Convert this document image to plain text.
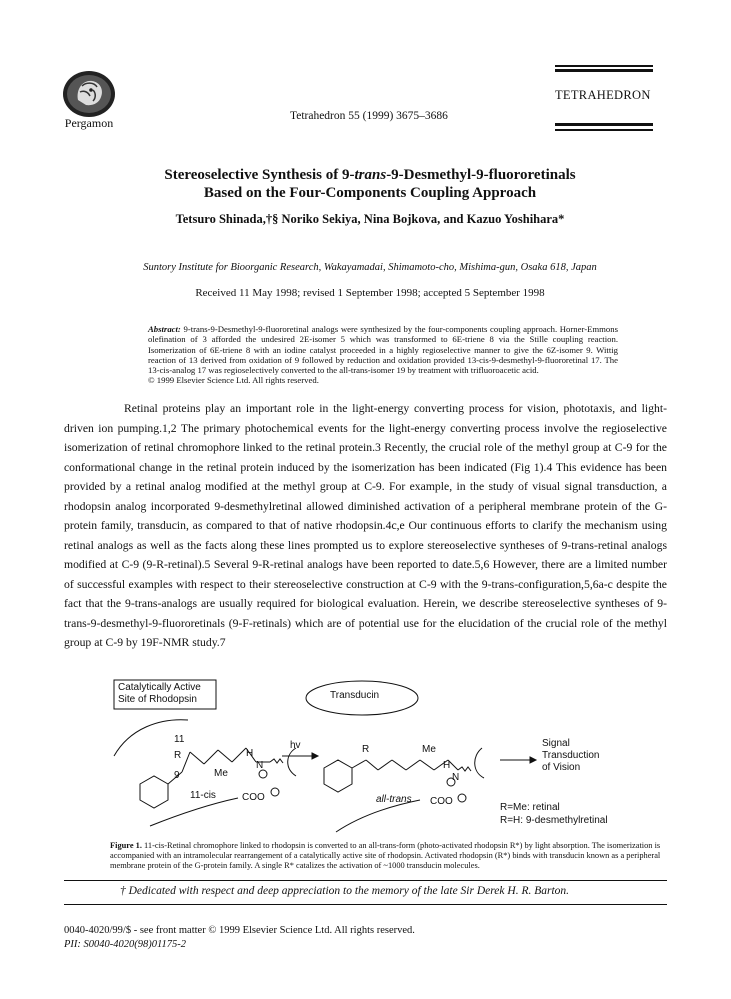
Pergamon	Tetrahedron 55 (1999) 3675–3686
TETRAHEDRON
Stereoselective Synthesis of 9-trans-9-Desmethyl-9-fluororetinals
Based on the Four-Components Coupling Approach
Tetsuro Shinada,†§ Noriko Sekiya, Nina Bojkova, and Kazuo Yoshihara*
Suntory Institute for Bioorganic Research, Wakayamadai, Shimamoto-cho, Mishima-gun, Osaka 618, Japan
Received 11 May 1998; revised 1 September 1998; accepted 5 September 1998
Abstract: 9-trans-9-Desmethyl-9-fluororetinal analogs were synthesized by the four-components coupling approach. Horner-Emmons olefination of 3 afforded the undesired 2E-isomer 5 which was transformed to 6E-triene 8 via the Stille coupling reaction. Isomerization of 6E-triene 8 with an iodine catalyst proceeded in a highly regioselective manner to give the 6Z-isomer 9. Wittig reaction of 13 derived from oxidation of 9 followed by reduction and oxidation provided 13-cis-9-desmethyl-9-fluororetinal 17. The 13-cis-analog 17 was regioselectively converted to the all-trans-isomer 19 by treatment with trifluoroacetic acid.
© 1999 Elsevier Science Ltd. All rights reserved.

Retinal proteins play an important role in the light-energy converting process for vision, phototaxis, and light-driven ion pumping.1,2 The primary photochemical events for the light-energy converting process involve the regioselective isomerization of retinal chromophore linked to the retinal protein.3 Recently, the crucial role of the methyl group at C-9 for the conformational change in the retinal protein induced by the isomerization has been indicated (Fig 1).4 This evidence has been provided by a retinal analog modified at the methyl group at C-9. For example, in the study of visual signal transduction, a rhodopsin analog incorporated 9-desmethylretinal allowed diminished activation of a peripheral membrane protein of the G-protein family, transducin, as compared to that of native rhodopsin.4c,e Our continuous efforts to clarify the mechanism using retinal analogs as well as the facts along these lines prompted us to explore stereoselective syntheses of 9-trans-retinal analogs modified at C-9 (9-R-retinal).5 Several 9-R-retinal analogs have been reported to date.5,6 However, there are a limited number of successful examples with respect to their stereoselective construction at C-9 with the 9-trans-configuration,5,6a-c despite the fact that the 9-trans-analogs are usually required for biological evaluation. Herein, we describe stereoselective syntheses of 9-trans-9-desmethyl-9-fluororetinals (9-F-retinals) which are of potential use for the elucidation of the crucial role of the methyl group at C-9 by 19F-NMR study.7

Catalytically Active
Site of Rhodopsin	Transducin
hv
11
R
9	Me
H
N
11-cis	COO
R	Me
H
N
all-trans COO
Signal
Transduction
of Vision
R=Me: retinal
R=H: 9-desmethylretinal
Figure 1. 11-cis-Retinal chromophore linked to rhodopsin is converted to an all-trans-form (photo-activated rhodopsin R*) by light absorption. The isomerization is accompanied with an intramolecular rearrangement of a catalytically active site of rhodopsin. Activated rhodopsin (R*) binds with transducin known as a peripheral membrane protein of the G-protein family. A single R* catalizes the activation of ~1000 transducin molecules.
† Dedicated with respect and deep appreciation to the memory of the late Sir Derek H. R. Barton.
0040-4020/99/$ - see front matter © 1999 Elsevier Science Ltd. All rights reserved.
PII: S0040-4020(98)01175-2
